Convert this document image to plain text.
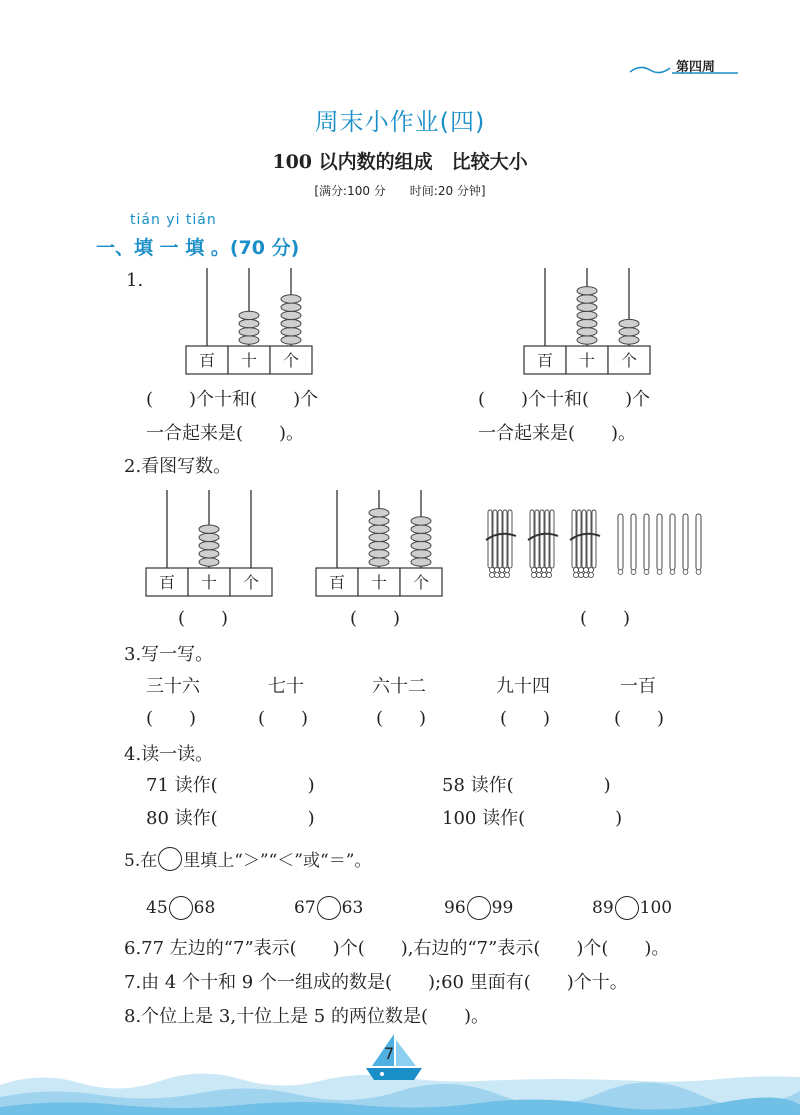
第四周
周末小作业(四)
100 以内数的组成　比较大小
[满分:100 分　　时间:20 分钟]
tián yi tián
一、填 一 填 。(70 分)
1.
百 十 个	百 十 个
(　　)个十和(　　)个
一合起来是(　　)。
(　　)个十和(　　)个
一合起来是(　　)。
2.看图写数。
百 十 个	百 十 个
(　　)	(　　)	(　　)
3.写一写。
三十六	七十	六十二	九十四	一百
(　　)	(　　)	(　　)	(　　)	(　　)
4.读一读。
71 读作(　　　　　)	58 读作(　　　　　)
80 读作(　　　　　)	100 读作(　　　　　)
5.在 里填上“＞”“＜”或“＝”。
45 68	67 63	96 99	89 100
6.77 左边的“7”表示(　　)个(　　),右边的“7”表示(　　)个(　　)。
7.由 4 个十和 9 个一组成的数是(　　);60 里面有(　　)个十。
8.个位上是 3,十位上是 5 的两位数是(　　)。
7
